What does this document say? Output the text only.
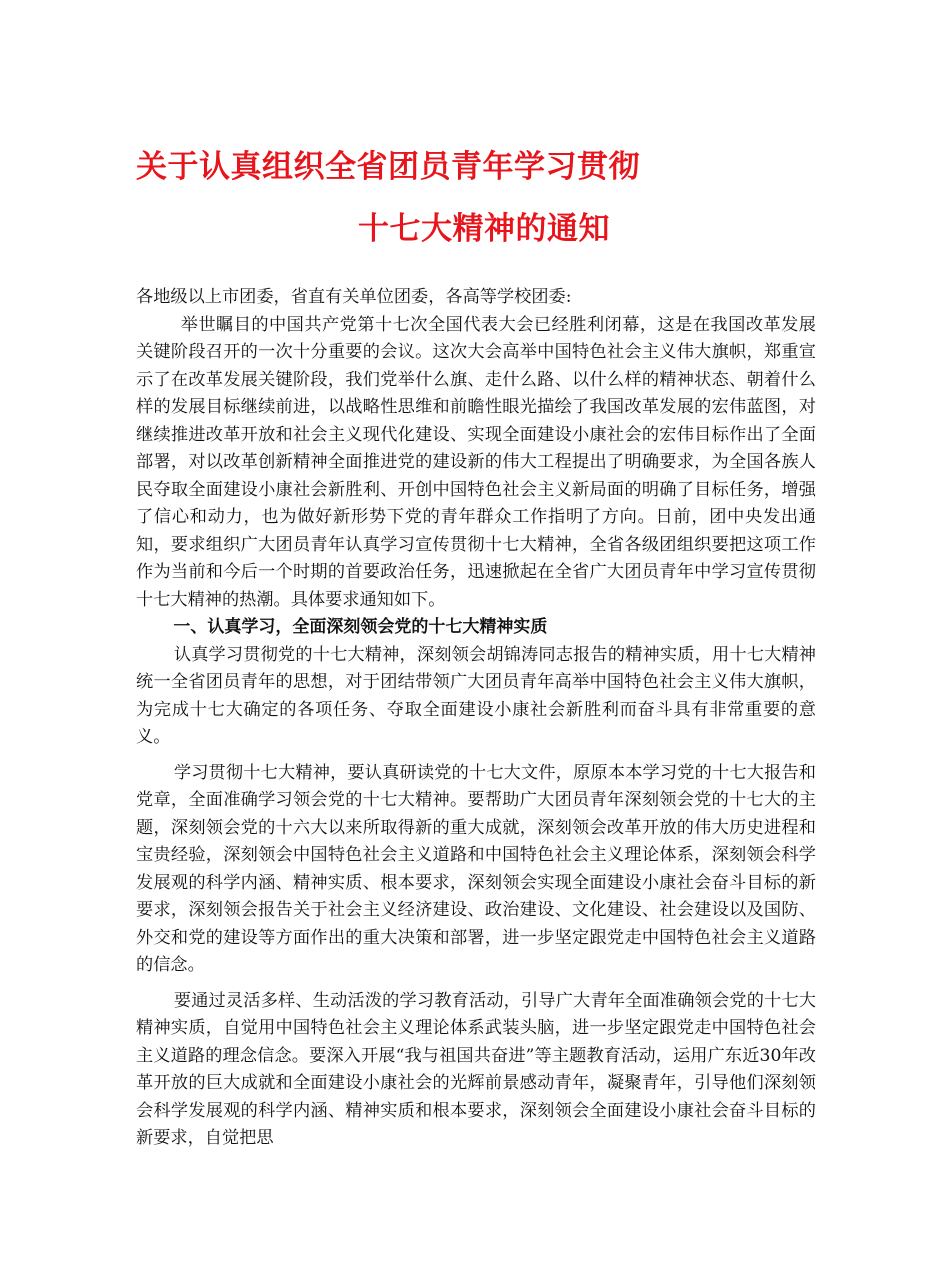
关于认真组织全省团员青年学习贯彻
十七大精神的通知

各地级以上市团委，省直有关单位团委，各高等学校团委:

举世瞩目的中国共产党第十七次全国代表大会已经胜利闭幕，这是在我国改革发展关键阶段召开的一次十分重要的会议。这次大会高举中国特色社会主义伟大旗帜，郑重宣示了在改革发展关键阶段，我们党举什么旗、走什么路、以什么样的精神状态、朝着什么样的发展目标继续前进，以战略性思维和前瞻性眼光描绘了我国改革发展的宏伟蓝图，对继续推进改革开放和社会主义现代化建设、实现全面建设小康社会的宏伟目标作出了全面部署，对以改革创新精神全面推进党的建设新的伟大工程提出了明确要求，为全国各族人民夺取全面建设小康社会新胜利、开创中国特色社会主义新局面的明确了目标任务，增强了信心和动力，也为做好新形势下党的青年群众工作指明了方向。日前，团中央发出通知，要求组织广大团员青年认真学习宣传贯彻十七大精神，全省各级团组织要把这项工作作为当前和今后一个时期的首要政治任务，迅速掀起在全省广大团员青年中学习宣传贯彻十七大精神的热潮。具体要求通知如下。

一、认真学习，全面深刻领会党的十七大精神实质

认真学习贯彻党的十七大精神，深刻领会胡锦涛同志报告的精神实质，用十七大精神统一全省团员青年的思想，对于团结带领广大团员青年高举中国特色社会主义伟大旗帜，为完成十七大确定的各项任务、夺取全面建设小康社会新胜利而奋斗具有非常重要的意义。

学习贯彻十七大精神，要认真研读党的十七大文件，原原本本学习党的十七大报告和党章，全面准确学习领会党的十七大精神。要帮助广大团员青年深刻领会党的十七大的主题，深刻领会党的十六大以来所取得新的重大成就，深刻领会改革开放的伟大历史进程和宝贵经验，深刻领会中国特色社会主义道路和中国特色社会主义理论体系，深刻领会科学发展观的科学内涵、精神实质、根本要求，深刻领会实现全面建设小康社会奋斗目标的新要求，深刻领会报告关于社会主义经济建设、政治建设、文化建设、社会建设以及国防、外交和党的建设等方面作出的重大决策和部署，进一步坚定跟党走中国特色社会主义道路的信念。

要通过灵活多样、生动活泼的学习教育活动，引导广大青年全面准确领会党的十七大精神实质，自觉用中国特色社会主义理论体系武装头脑，进一步坚定跟党走中国特色社会主义道路的理念信念。要深入开展“我与祖国共奋进”等主题教育活动，运用广东近30年改革开放的巨大成就和全面建设小康社会的光辉前景感动青年，凝聚青年，引导他们深刻领会科学发展观的科学内涵、精神实质和根本要求，深刻领会全面建设小康社会奋斗目标的新要求，自觉把思
